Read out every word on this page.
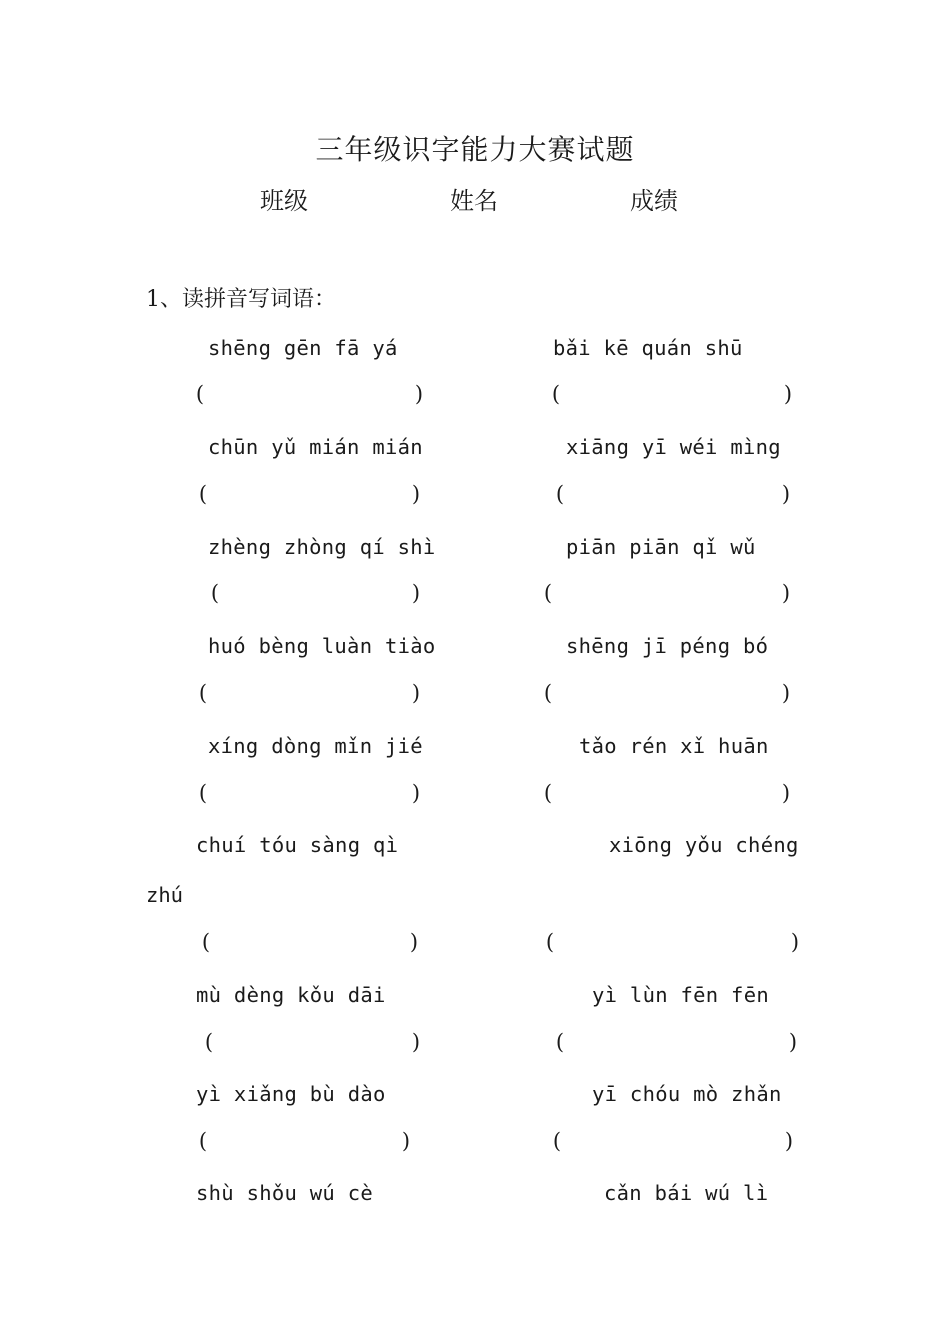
三年级识字能力大赛试题
班级	姓名	成绩
1、读拼音写词语：
shēng gēn fā yá	bǎi kē quán shū
(	)	(	)
chūn yǔ mián mián	xiāng yī wéi mìng
(	)	(	)
zhèng zhòng qí shì	piān piān qǐ wǔ
(	)	(	)
huó bèng luàn tiào	shēng jī péng bó
(	)	(	)
xíng dòng mǐn jié	tǎo rén xǐ huān
(	)	(	)
chuí tóu sàng qì	xiōng yǒu chéng
zhú
(	)	(	)
mù dèng kǒu dāi	yì lùn fēn fēn
(	)	(	)
yì xiǎng bù dào	yī chóu mò zhǎn
(	)	(	)
shù shǒu wú cè	cǎn bái wú lì
